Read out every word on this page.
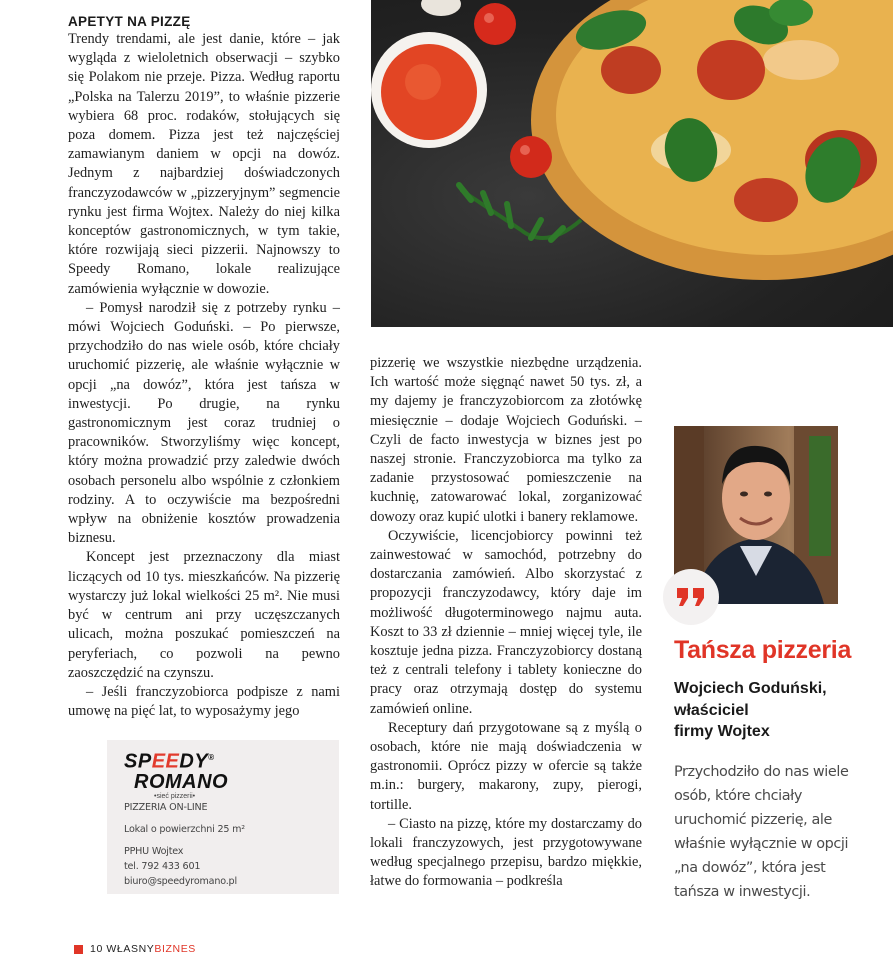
APETYT NA PIZZĘ

Trendy trendami, ale jest danie, które – jak wygląda z wieloletnich obserwacji – szybko się Polakom nie przeje. Pizza. Według raportu „Polska na Talerzu 2019”, to właśnie pizzerie wybiera 68 proc. rodaków, stołujących się poza domem. Pizza jest też najczęściej zamawianym daniem w opcji na dowóz. Jednym z najbardziej doświadczonych franczyzodawców w „pizzeryjnym” segmencie rynku jest firma Wojtex. Należy do niej kilka konceptów gastronomicznych, w tym takie, które rozwijają sieci pizzerii. Najnowszy to Speedy Romano, lokale realizujące zamówienia wyłącznie w dowozie.

– Pomysł narodził się z potrzeby rynku – mówi Wojciech Goduński. – Po pierwsze, przychodziło do nas wiele osób, które chciały uruchomić pizzerię, ale właśnie wyłącznie w opcji „na dowóz”, która jest tańsza w inwestycji. Po drugie, na rynku gastronomicznym jest coraz trudniej o pracowników. Stworzyliśmy więc koncept, który można prowadzić przy zaledwie dwóch osobach personelu albo wspólnie z członkiem rodziny. A to oczywiście ma bezpośredni wpływ na obniżenie kosztów prowadzenia biznesu.

Koncept jest przeznaczony dla miast liczących od 10 tys. mieszkańców. Na pizzerię wystarczy już lokal wielkości 25 m². Nie musi być w centrum ani przy uczęszczanych ulicach, można poszukać pomieszczeń na peryferiach, co pozwoli na pewno zaoszczędzić na czynszu.

– Jeśli franczyzobiorca podpisze z nami umowę na pięć lat, to wyposażymy jego

pizzerię we wszystkie niezbędne urządzenia. Ich wartość może sięgnąć nawet 50 tys. zł, a my dajemy je franczyzobiorcom za złotówkę miesięcznie – dodaje Wojciech Goduński. – Czyli de facto inwestycja w biznes jest po naszej stronie. Franczyzobiorca ma tylko za zadanie przystosować pomieszczenie na kuchnię, zatowarować lokal, zorganizować dowozy oraz kupić ulotki i banery reklamowe.

Oczywiście, licencjobiorcy powinni też zainwestować w samochód, potrzebny do dostarczania zamówień. Albo skorzystać z propozycji franczyzodawcy, który daje im możliwość długoterminowego najmu auta. Koszt to 33 zł dziennie – mniej więcej tyle, ile kosztuje jedna pizza. Franczyzobiorcy dostaną też z centrali telefony i tablety konieczne do pracy oraz otrzymają dostęp do systemu zamówień online.

Receptury dań przygotowane są z myślą o osobach, które nie mają doświadczenia w gastronomii. Oprócz pizzy w ofercie są także m.in.: burgery, makarony, zupy, pierogi, tortille.

– Ciasto na pizzę, które my dostarczamy do lokali franczyzowych, jest przygotowywane według specjalnego przepisu, bardzo miękkie, łatwe do formowania – podkreśla

SPEEDY®
ROMANO
•sieć pizzerii•
PIZZERIA ON-LINE
Lokal o powierzchni 25 m²
PPHU Wojtex
tel. 792 433 601
biuro@speedyromano.pl
Tańsza pizzeria
Wojciech Goduński,
właściciel
firmy Wojtex
Przychodziło do nas wiele osób, które chciały uruchomić pizzerię, ale właśnie wyłącznie w opcji „na dowóz”, która jest tańsza w inwestycji.
10
WŁASNY BIZNES
